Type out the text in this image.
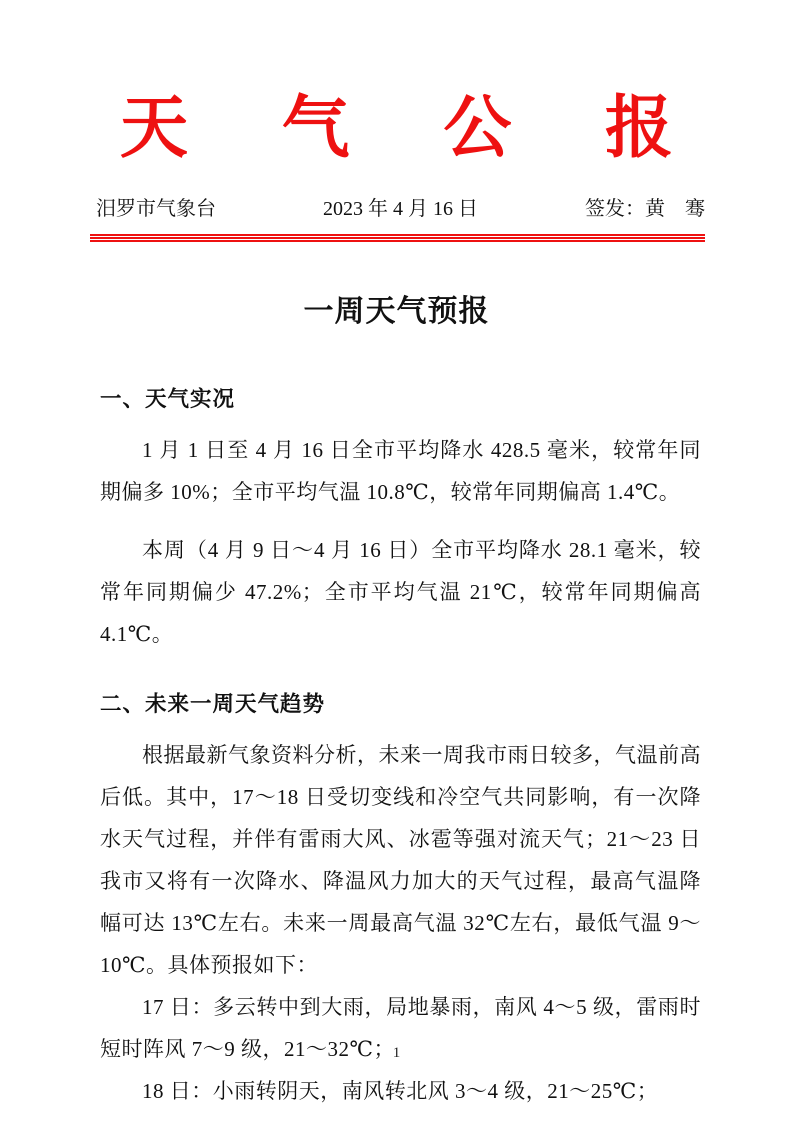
天 气 公 报
汨罗市气象台	2023 年 4 月 16 日	签发：黄　骞
一周天气预报
一、天气实况

1 月 1 日至 4 月 16 日全市平均降水 428.5 毫米，较常年同期偏多 10%；全市平均气温 10.8℃，较常年同期偏高 1.4℃。

本周（4 月 9 日～4 月 16 日）全市平均降水 28.1 毫米，较常年同期偏少 47.2%；全市平均气温 21℃，较常年同期偏高 4.1℃。

二、未来一周天气趋势

根据最新气象资料分析，未来一周我市雨日较多，气温前高后低。其中，17～18 日受切变线和冷空气共同影响，有一次降水天气过程，并伴有雷雨大风、冰雹等强对流天气；21～23 日我市又将有一次降水、降温风力加大的天气过程，最高气温降幅可达 13℃左右。未来一周最高气温 32℃左右，最低气温 9～10℃。具体预报如下：

17 日：多云转中到大雨，局地暴雨，南风 4～5 级，雷雨时短时阵风 7～9 级，21～32℃；

18 日：小雨转阴天，南风转北风 3～4 级，21～25℃；

1
